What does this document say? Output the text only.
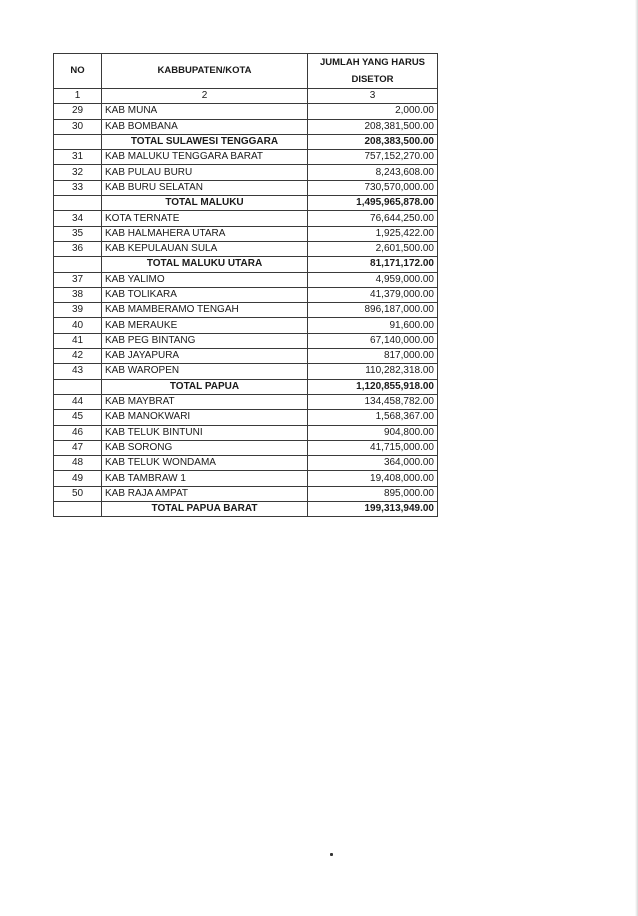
NO	KABBUPATEN/KOTA	JUMLAH YANG HARUS
DISETOR

1	2	3
29	KAB MUNA	2,000.00
30	KAB BOMBANA	208,381,500.00
	TOTAL SULAWESI TENGGARA	208,383,500.00
31	KAB MALUKU TENGGARA BARAT	757,152,270.00
32	KAB PULAU BURU	8,243,608.00
33	KAB BURU SELATAN	730,570,000.00
	TOTAL MALUKU	1,495,965,878.00
34	KOTA TERNATE	76,644,250.00
35	KAB HALMAHERA UTARA	1,925,422.00
36	KAB KEPULAUAN SULA	2,601,500.00
	TOTAL MALUKU UTARA	81,171,172.00
37	KAB YALIMO	4,959,000.00
38	KAB TOLIKARA	41,379,000.00
39	KAB MAMBERAMO TENGAH	896,187,000.00
40	KAB MERAUKE	91,600.00
41	KAB PEG BINTANG	67,140,000.00
42	KAB JAYAPURA	817,000.00
43	KAB WAROPEN	110,282,318.00
	TOTAL PAPUA	1,120,855,918.00
44	KAB MAYBRAT	134,458,782.00
45	KAB MANOKWARI	1,568,367.00
46	KAB TELUK BINTUNI	904,800.00
47	KAB SORONG	41,715,000.00
48	KAB TELUK WONDAMA	364,000.00
49	KAB TAMBRAW 1	19,408,000.00
50	KAB RAJA AMPAT	895,000.00
	TOTAL PAPUA BARAT	199,313,949.00
